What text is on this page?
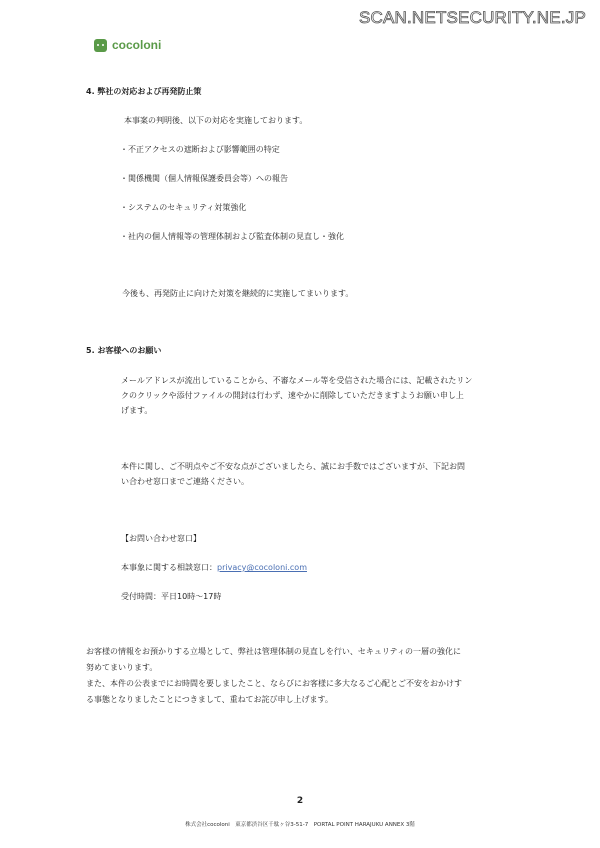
SCAN.NETSECURITY.NE.JP
cocoloni
4. 弊社の対応および再発防止策
本事案の判明後、以下の対応を実施しております。
・不正アクセスの遮断および影響範囲の特定
・関係機関（個人情報保護委員会等）への報告
・システムのセキュリティ対策強化
・社内の個人情報等の管理体制および監査体制の見直し・強化
今後も、再発防止に向けた対策を継続的に実施してまいります。
5. お客様へのお願い
メールアドレスが流出していることから、不審なメール等を受信された場合には、記載されたリン
クのクリックや添付ファイルの開封は行わず、速やかに削除していただきますようお願い申し上
げます。
本件に関し、ご不明点やご不安な点がございましたら、誠にお手数ではございますが、下記お問
い合わせ窓口までご連絡ください。
【お問い合わせ窓口】
本事象に関する相談窓口：privacy@cocoloni.com
受付時間：平日10時～17時
お客様の情報をお預かりする立場として、弊社は管理体制の見直しを行い、セキュリティの一層の強化に
努めてまいります。
また、本件の公表までにお時間を要しましたこと、ならびにお客様に多大なるご心配とご不安をおかけす
る事態となりましたことにつきまして、重ねてお詫び申し上げます。
2
株式会社cocoloni　東京都渋谷区千駄ヶ谷3-51-7　PORTAL POINT HARAJUKU ANNEX 3階
